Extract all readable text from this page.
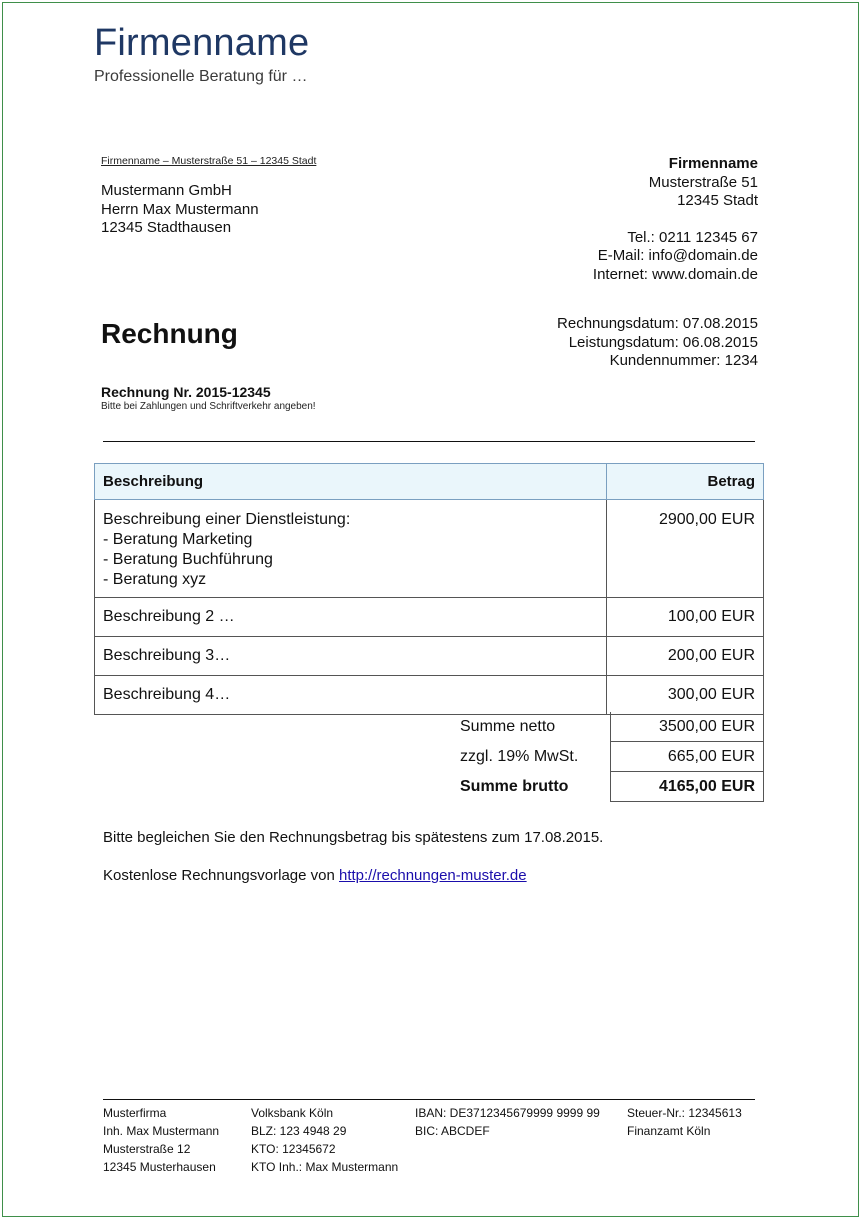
Firmenname
Professionelle Beratung für …
Firmenname – Musterstraße 51 – 12345 Stadt
Mustermann GmbH
Herrn Max Mustermann
12345 Stadthausen
Firmenname
Musterstraße 51
12345 Stadt
Tel.: 0211 12345 67
E-Mail: info@domain.de
Internet: www.domain.de
Rechnung	Rechnungsdatum: 07.08.2015
Leistungsdatum: 06.08.2015
Kundennummer: 1234
Rechnung Nr. 2015-12345
Bitte bei Zahlungen und Schriftverkehr angeben!
Beschreibung	Betrag

Beschreibung einer Dienstleistung:
- Beratung Marketing
- Beratung Buchführung
- Beratung xyz	2900,00 EUR
Beschreibung 2 …	100,00 EUR
Beschreibung 3…	200,00 EUR
Beschreibung 4…	300,00 EUR
Summe netto	3500,00 EUR
zzgl. 19% MwSt.	665,00 EUR
Summe brutto	4165,00 EUR
Bitte begleichen Sie den Rechnungsbetrag bis spätestens zum 17.08.2015.
Kostenlose Rechnungsvorlage von http://rechnungen-muster.de
Musterfirma
Inh. Max Mustermann
Musterstraße 12
12345 Musterhausen
Volksbank Köln
BLZ: 123 4948 29
KTO: 12345672
KTO Inh.: Max Mustermann
IBAN: DE3712345679999 9999 99
BIC: ABCDEF
Steuer-Nr.: 12345613
Finanzamt Köln
